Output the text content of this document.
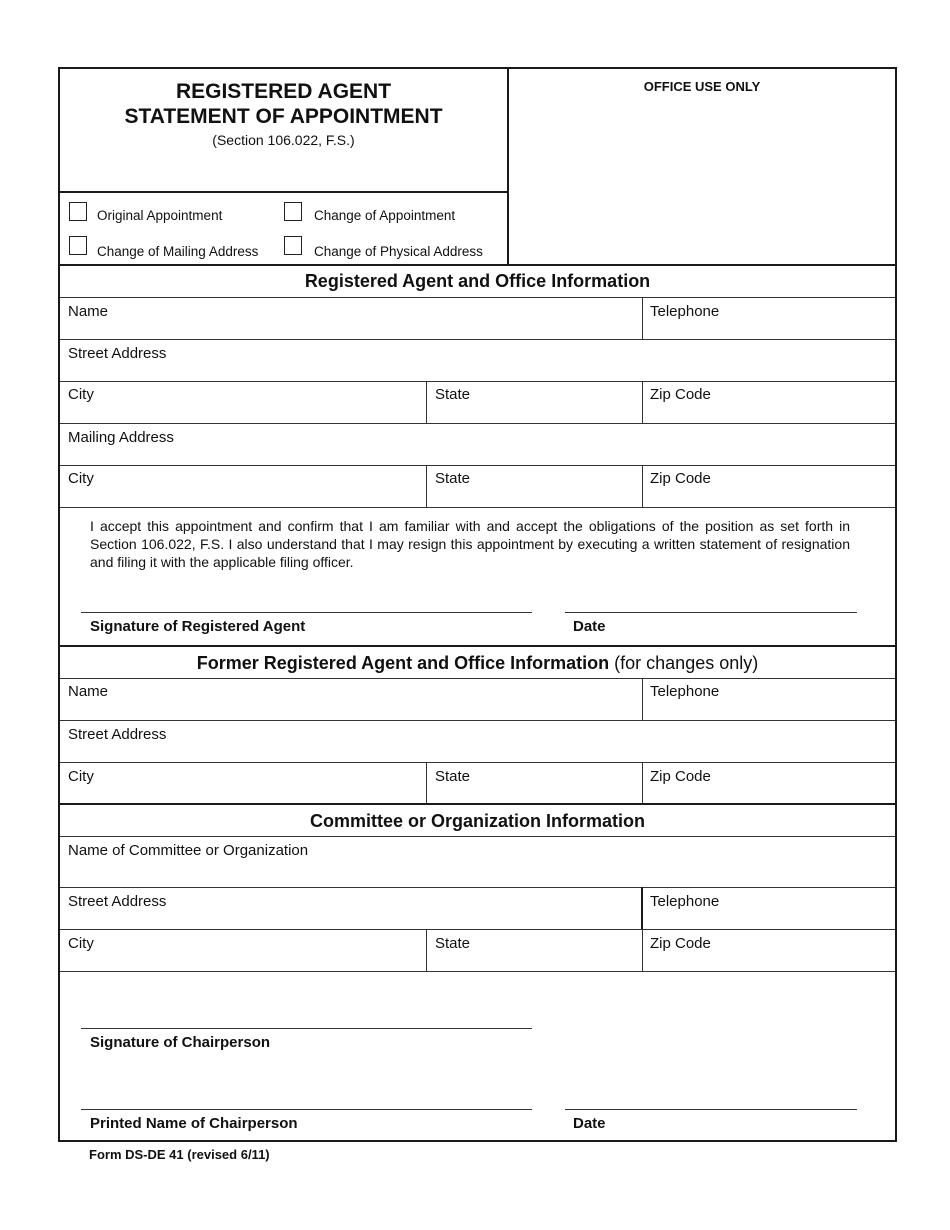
REGISTERED AGENT
STATEMENT OF APPOINTMENT
(Section 106.022, F.S.)
OFFICE USE ONLY
Original Appointment	Change of Appointment
Change of Mailing Address	Change of Physical Address
Registered Agent and Office Information
Name	Telephone
Street Address
City	State	Zip Code
Mailing Address
City	State	Zip Code
I accept this appointment and confirm that I am familiar with and accept the obligations of the position as set forth in Section 106.022, F.S. I also understand that I may resign this appointment by executing a written statement of resignation and filing it with the applicable filing officer.
Signature of Registered Agent	Date
Former Registered Agent and Office Information (for changes only)
Name	Telephone
Street Address
City	State	Zip Code
Committee or Organization Information
Name of Committee or Organization
Street Address	Telephone
City	State	Zip Code
Signature of Chairperson
Printed Name of Chairperson	Date
Form DS-DE 41 (revised 6/11)
